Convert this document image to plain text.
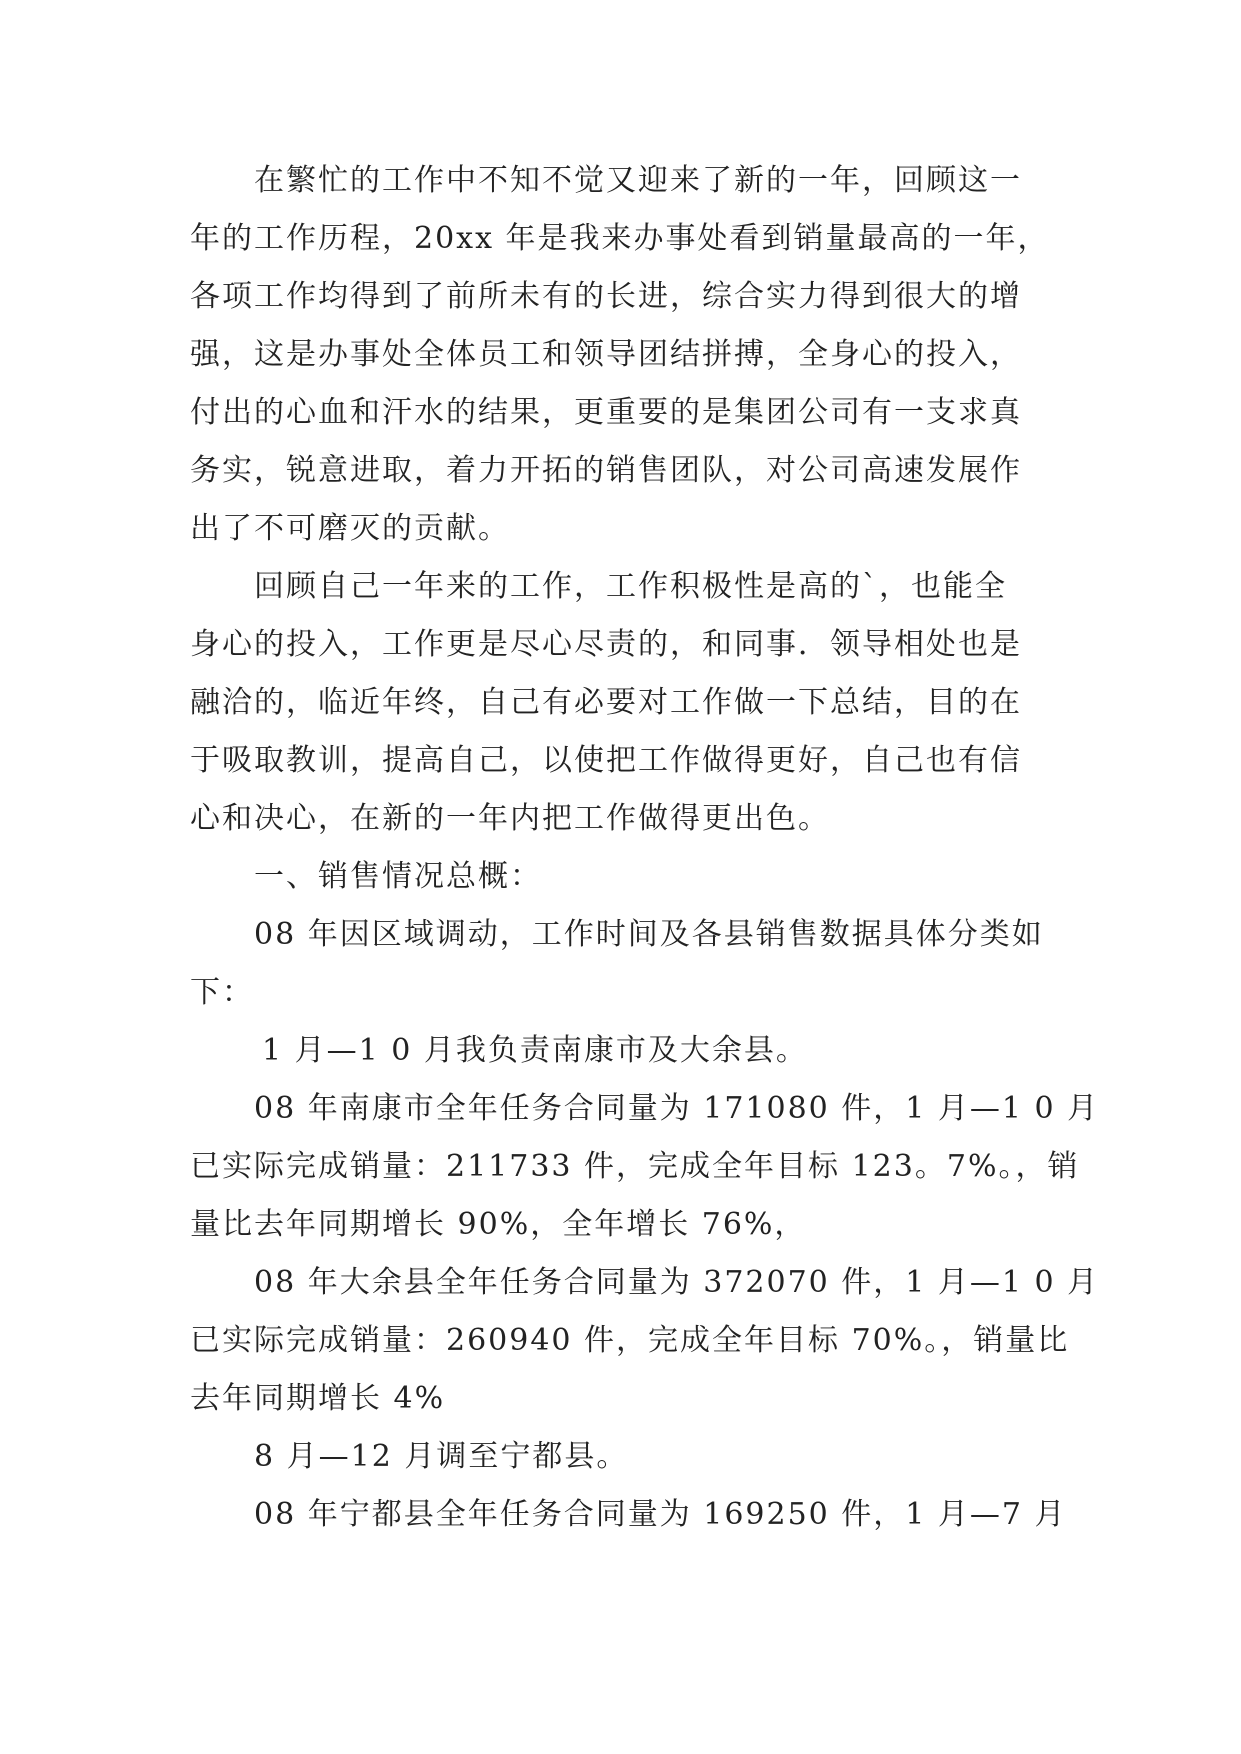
在繁忙的工作中不知不觉又迎来了新的一年，回顾这一
年的工作历程，20xx 年是我来办事处看到销量最高的一年，
各项工作均得到了前所未有的长进，综合实力得到很大的增
强，这是办事处全体员工和领导团结拼搏，全身心的投入，
付出的心血和汗水的结果，更重要的是集团公司有一支求真
务实，锐意进取，着力开拓的销售团队，对公司高速发展作
出了不可磨灭的贡献。
回顾自己一年来的工作，工作积极性是高的`，也能全
身心的投入，工作更是尽心尽责的，和同事．领导相处也是
融洽的，临近年终，自己有必要对工作做一下总结，目的在
于吸取教训，提高自己，以使把工作做得更好，自己也有信
心和决心，在新的一年内把工作做得更出色。
一、销售情况总概：
08 年因区域调动，工作时间及各县销售数据具体分类如
下：
1 月—1 0 月我负责南康市及大余县。
08 年南康市全年任务合同量为 171080 件，1 月—1 0 月
已实际完成销量：211733 件，完成全年目标 123。7%。，销
量比去年同期增长 90%，全年增长 76%，
08 年大余县全年任务合同量为 372070 件，1 月—1 0 月
已实际完成销量：260940 件，完成全年目标 70%。，销量比
去年同期增长 4%
8 月—12 月调至宁都县。
08 年宁都县全年任务合同量为 169250 件，1 月—7 月
